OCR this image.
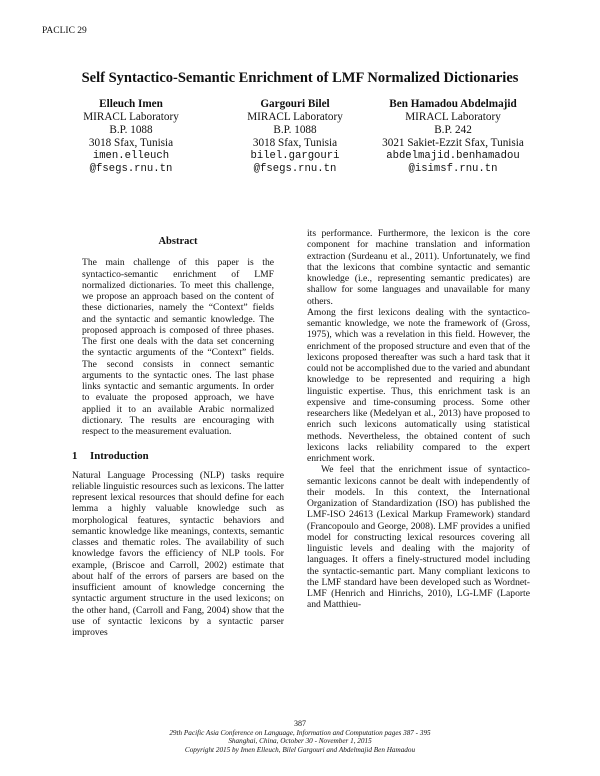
PACLIC 29
Self Syntactico-Semantic Enrichment of LMF Normalized Dictionaries
Elleuch Imen
MIRACL Laboratory
B.P. 1088
3018 Sfax, Tunisia
imen.elleuch
@fsegs.rnu.tn
Gargouri Bilel
MIRACL Laboratory
B.P. 1088
3018 Sfax, Tunisia
bilel.gargouri
@fsegs.rnu.tn
Ben Hamadou Abdelmajid
MIRACL Laboratory
B.P. 242
3021 Sakiet-Ezzit Sfax, Tunisia
abdelmajid.benhamadou
@isimsf.rnu.tn
Abstract

The main challenge of this paper is the syntactico-semantic enrichment of LMF normalized dictionaries. To meet this challenge, we propose an approach based on the content of these dictionaries, namely the “Context” fields and the syntactic and semantic knowledge. The proposed approach is composed of three phases. The first one deals with the data set concerning the syntactic arguments of the “Context” fields. The second consists in connect semantic arguments to the syntactic ones. The last phase links syntactic and semantic arguments. In order to evaluate the proposed approach, we have applied it to an available Arabic normalized dictionary. The results are encouraging with respect to the measurement evaluation.

1 Introduction

Natural Language Processing (NLP) tasks require reliable linguistic resources such as lexicons. The latter represent lexical resources that should define for each lemma a highly valuable knowledge such as morphological features, syntactic behaviors and semantic knowledge like meanings, contexts, semantic classes and thematic roles. The availability of such knowledge favors the efficiency of NLP tools. For example, (Briscoe and Carroll, 2002) estimate that about half of the errors of parsers are based on the insufficient amount of knowledge concerning the syntactic argument structure in the used lexicons; on the other hand, (Carroll and Fang, 2004) show that the use of syntactic lexicons by a syntactic parser improves

its performance. Furthermore, the lexicon is the core component for machine translation and information extraction (Surdeanu et al., 2011). Unfortunately, we find that the lexicons that combine syntactic and semantic knowledge (i.e., representing semantic predicates) are shallow for some languages and unavailable for many others.

Among the first lexicons dealing with the syntactico-semantic knowledge, we note the framework of (Gross, 1975), which was a revelation in this field. However, the enrichment of the proposed structure and even that of the lexicons proposed thereafter was such a hard task that it could not be accomplished due to the varied and abundant knowledge to be represented and requiring a high linguistic expertise. Thus, this enrichment task is an expensive and time-consuming process. Some other researchers like (Medelyan et al., 2013) have proposed to enrich such lexicons automatically using statistical methods. Nevertheless, the obtained content of such lexicons lacks reliability compared to the expert enrichment work.

We feel that the enrichment issue of syntactico-semantic lexicons cannot be dealt with independently of their models. In this context, the International Organization of Standardization (ISO) has published the LMF-ISO 24613 (Lexical Markup Framework) standard (Francopoulo and George, 2008). LMF provides a unified model for constructing lexical resources covering all linguistic levels and dealing with the majority of languages. It offers a finely-structured model including the syntactic-semantic part. Many compliant lexicons to the LMF standard have been developed such as Wordnet-LMF (Henrich and Hinrichs, 2010), LG-LMF (Laporte and Matthieu-

387
29th Pacific Asia Conference on Language, Information and Computation pages 387 - 395
Shanghai, China, October 30 - November 1, 2015
Copyright 2015 by Imen Elleuch, Bilel Gargouri and Abdelmajid Ben Hamadou
